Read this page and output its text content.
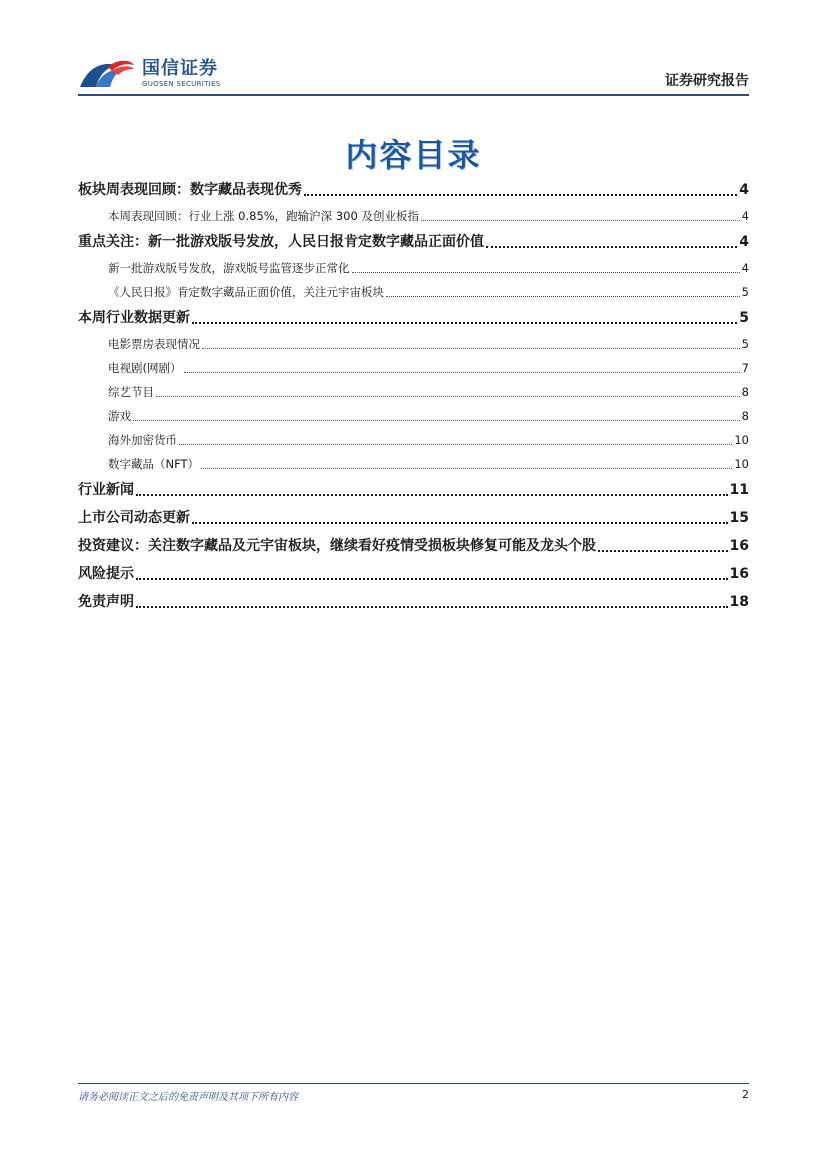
国信证券
GUOSEN SECURITIES	证券研究报告
内容目录
板块周表现回顾：数字藏品表现优秀	4
本周表现回顾：行业上涨 0.85%，跑输沪深 300 及创业板指	4
重点关注：新一批游戏版号发放，人民日报肯定数字藏品正面价值	4
新一批游戏版号发放，游戏版号监管逐步正常化	4
《人民日报》肯定数字藏品正面价值，关注元宇宙板块	5
本周行业数据更新	5
电影票房表现情况	5
电视剧(网剧）	7
综艺节目	8
游戏	8
海外加密货币	10
数字藏品（NFT）	10
行业新闻	11
上市公司动态更新	15
投资建议：关注数字藏品及元宇宙板块，继续看好疫情受损板块修复可能及龙头个股	16
风险提示	16
免责声明	18
请务必阅读正文之后的免责声明及其项下所有内容	2
